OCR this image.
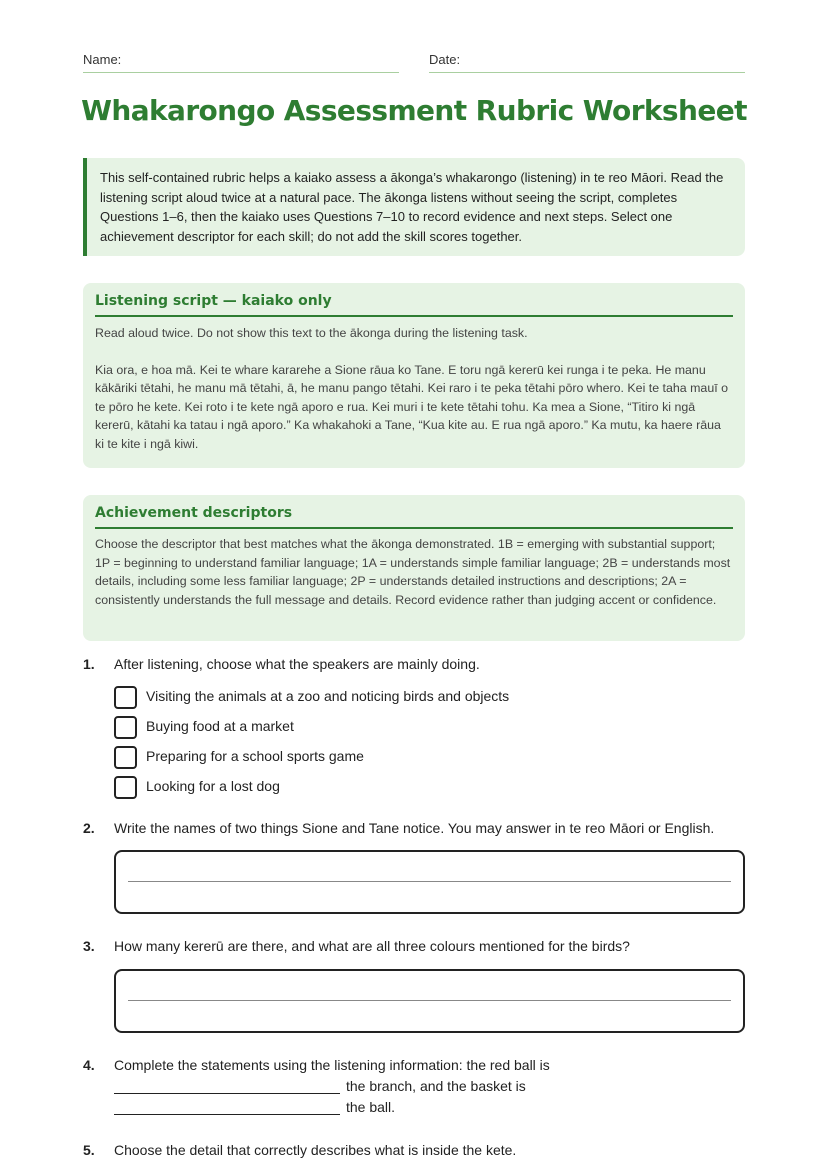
Name:	Date:
Whakarongo Assessment Rubric Worksheet
This self-contained rubric helps a kaiako assess a ākonga’s whakarongo (listening) in te reo Māori. Read the listening script aloud twice at a natural pace. The ākonga listens without seeing the script, completes Questions 1–6, then the kaiako uses Questions 7–10 to record evidence and next steps. Select one achievement descriptor for each skill; do not add the skill scores together.
Listening script — kaiako only
Read aloud twice. Do not show this text to the ākonga during the listening task.
Kia ora, e hoa mā. Kei te whare kararehe a Sione rāua ko Tane. E toru ngā kererū kei runga i te peka. He manu kākāriki tētahi, he manu mā tētahi, ā, he manu pango tētahi. Kei raro i te peka tētahi pōro whero. Kei te taha mauī o te pōro he kete. Kei roto i te kete ngā aporo e rua. Kei muri i te kete tētahi tohu. Ka mea a Sione, “Titiro ki ngā kererū, kātahi ka tatau i ngā aporo.” Ka whakahoki a Tane, “Kua kite au. E rua ngā aporo.” Ka mutu, ka haere rāua ki te kite i ngā kiwi.
Achievement descriptors
Choose the descriptor that best matches what the ākonga demonstrated. 1B = emerging with substantial support; 1P = beginning to understand familiar language; 1A = understands simple familiar language; 2B = understands most details, including some less familiar language; 2P = understands detailed instructions and descriptions; 2A = consistently understands the full message and details. Record evidence rather than judging accent or confidence.
1. After listening, choose what the speakers are mainly doing.
Visiting the animals at a zoo and noticing birds and objects
Buying food at a market
Preparing for a school sports game
Looking for a lost dog
2. Write the names of two things Sione and Tane notice. You may answer in te reo Māori or English.
3. How many kererū are there, and what are all three colours mentioned for the birds?
4. Complete the statements using the listening information: the red ball is
the branch, and the basket is
the ball.
5. Choose the detail that correctly describes what is inside the kete.
